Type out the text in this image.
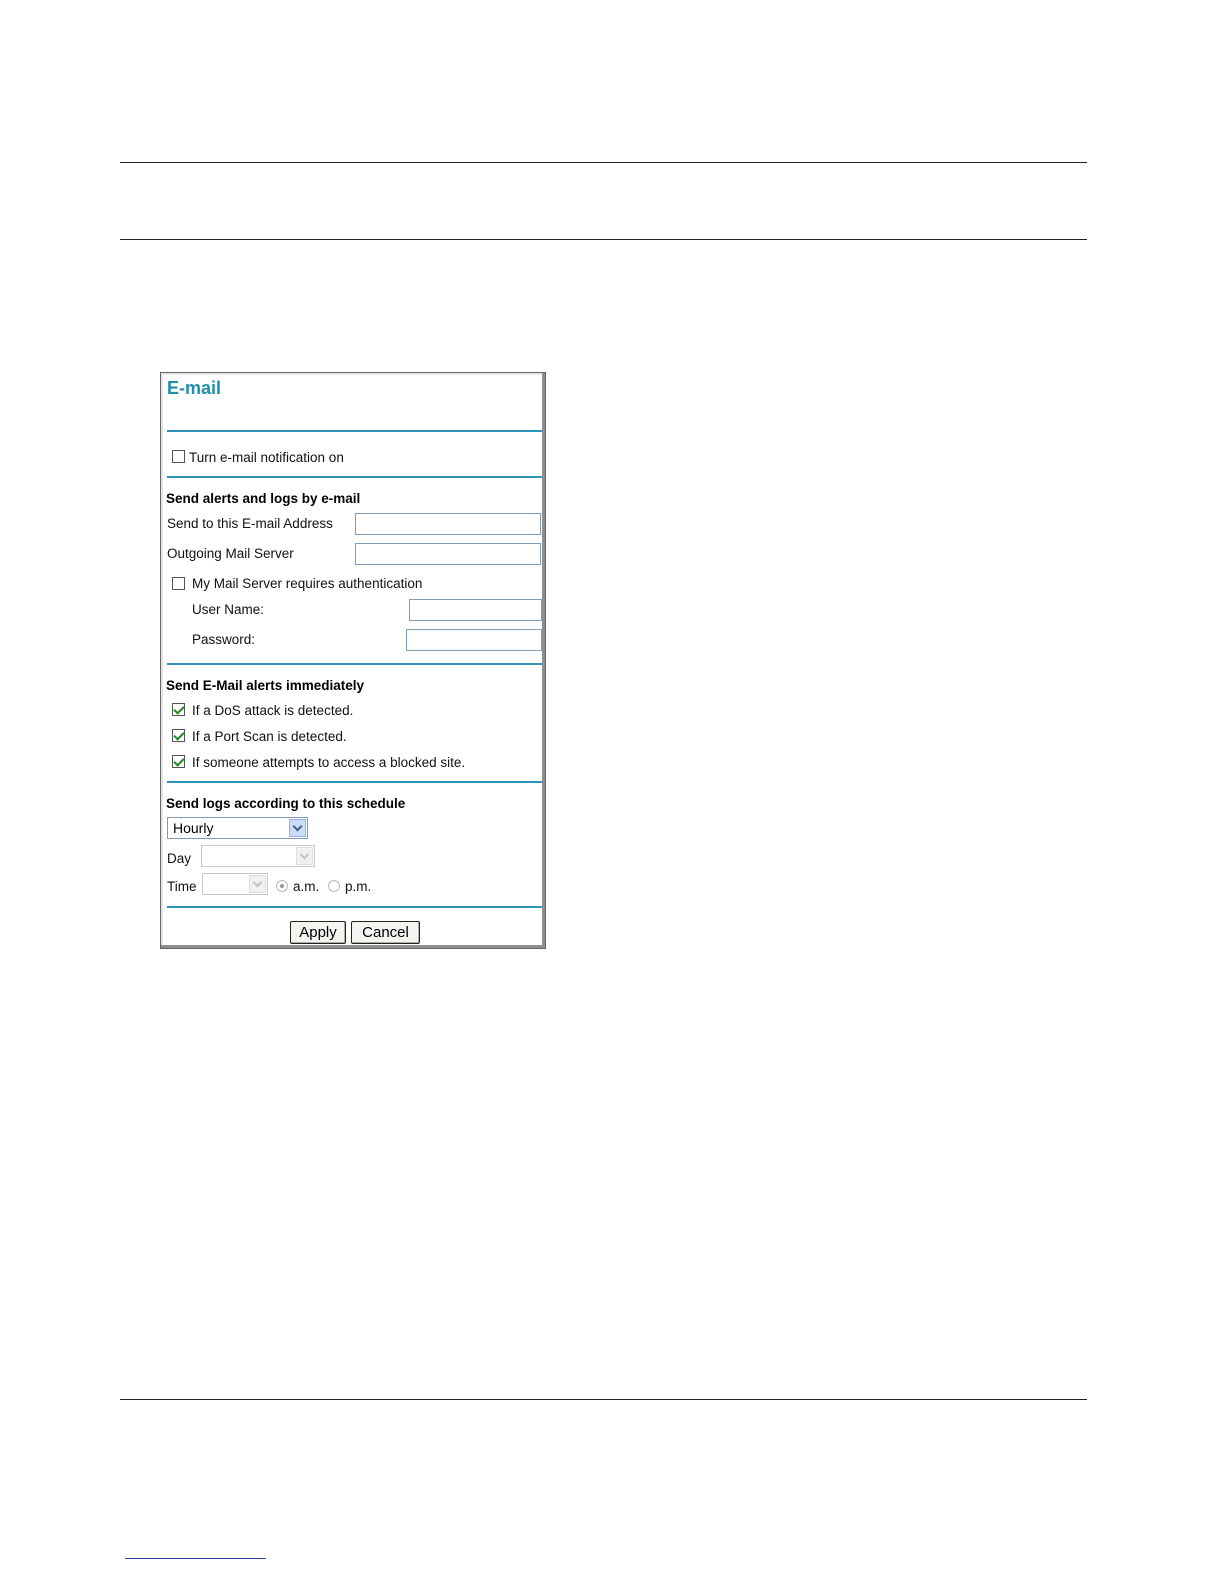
E-mail
Turn e-mail notification on
Send alerts and logs by e-mail
Send to this E-mail Address
Outgoing Mail Server
My Mail Server requires authentication
User Name:
Password:
Send E-Mail alerts immediately
If a DoS attack is detected.
If a Port Scan is detected.
If someone attempts to access a blocked site.
Send logs according to this schedule
Hourly
Day
Time	a.m. p.m.
Apply	Cancel
